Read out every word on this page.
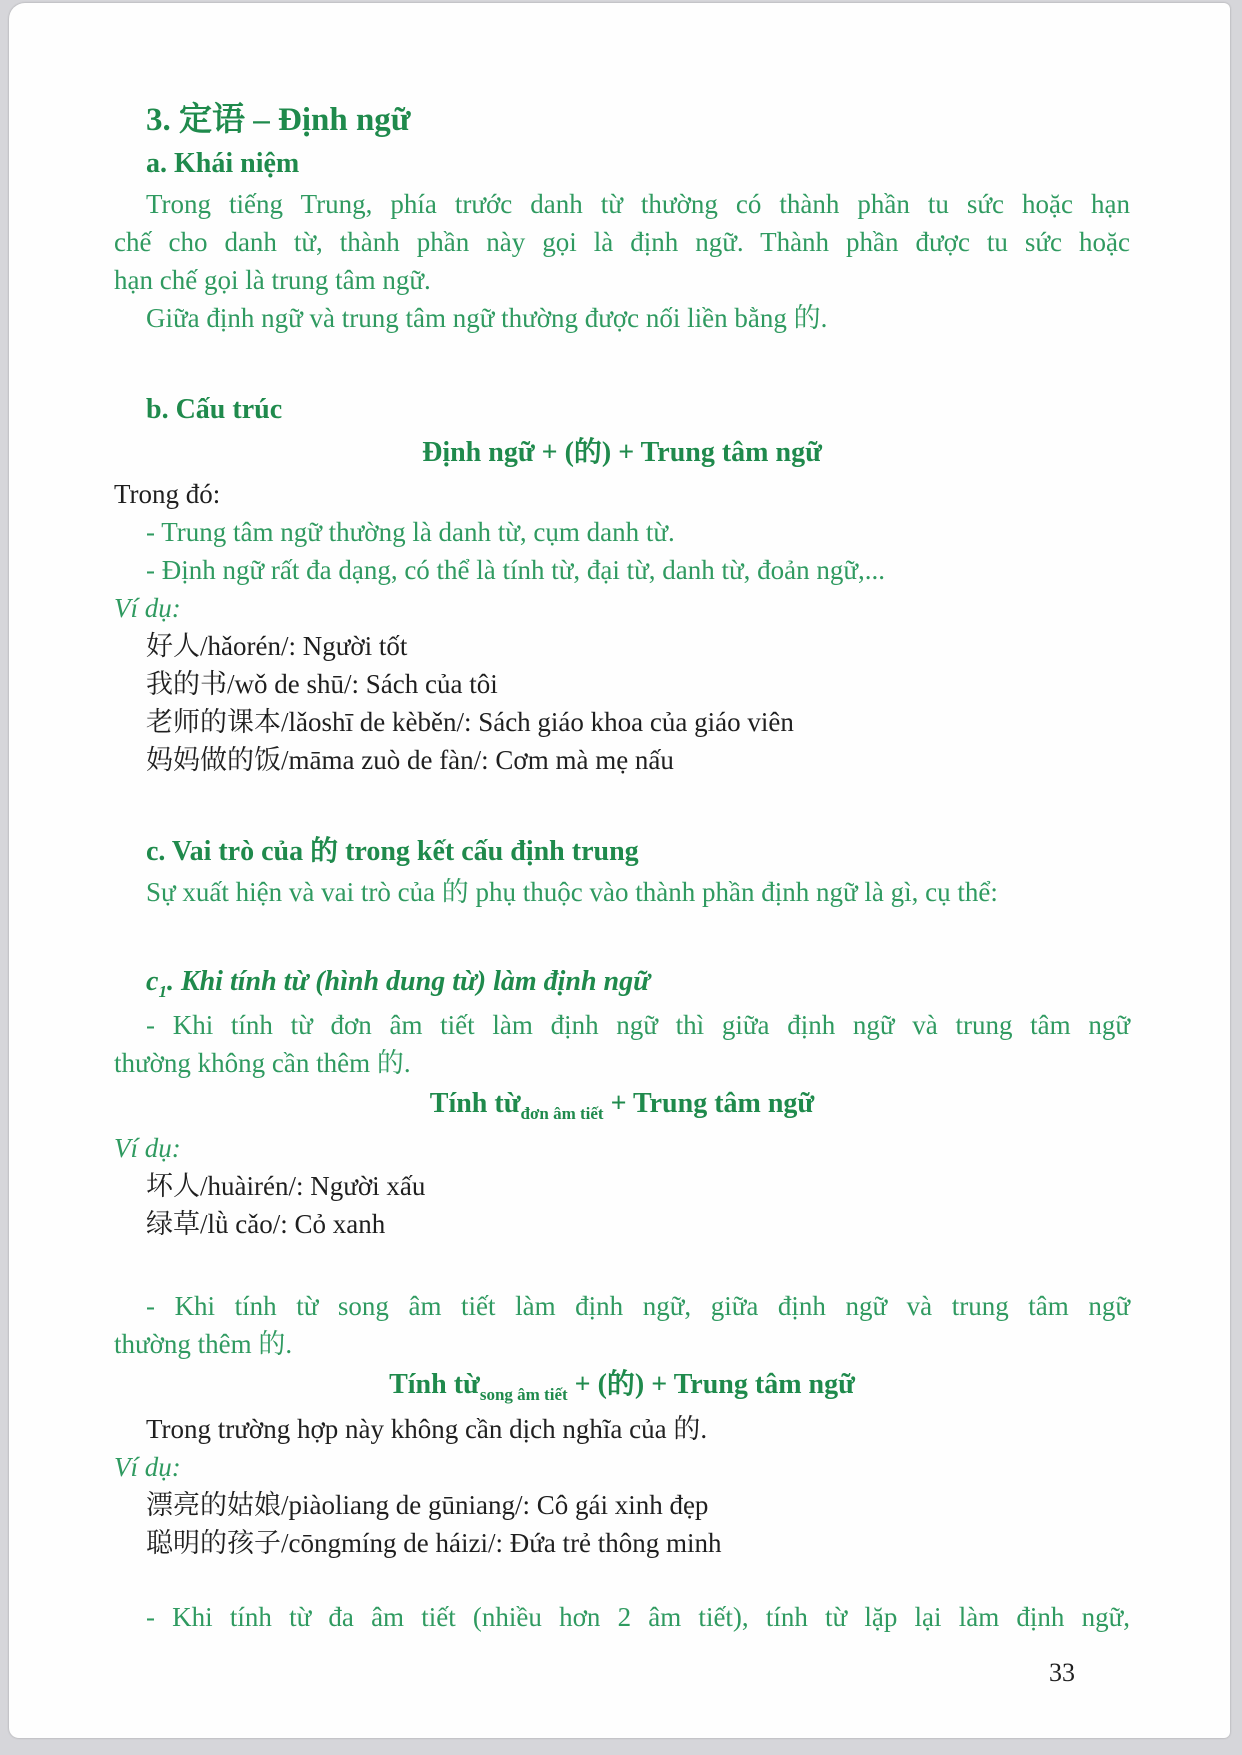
3. 定语 – Định ngữ
a. Khái niệm
Trong tiếng Trung, phía trước danh từ thường có thành phần tu sức hoặc hạn
chế cho danh từ, thành phần này gọi là định ngữ. Thành phần được tu sức hoặc
hạn chế gọi là trung tâm ngữ.
Giữa định ngữ và trung tâm ngữ thường được nối liền bằng 的.
b. Cấu trúc
Định ngữ + (的) + Trung tâm ngữ
Trong đó:
- Trung tâm ngữ thường là danh từ, cụm danh từ.
- Định ngữ rất đa dạng, có thể là tính từ, đại từ, danh từ, đoản ngữ,...
Ví dụ:
好人/hǎorén/: Người tốt
我的书/wǒ de shū/: Sách của tôi
老师的课本/lǎoshī de kèběn/: Sách giáo khoa của giáo viên
妈妈做的饭/māma zuò de fàn/: Cơm mà mẹ nấu
c. Vai trò của 的 trong kết cấu định trung
Sự xuất hiện và vai trò của 的 phụ thuộc vào thành phần định ngữ là gì, cụ thể:
$c_1$. Khi tính từ (hình dung từ) làm định ngữ
- Khi tính từ đơn âm tiết làm định ngữ thì giữa định ngữ và trung tâm ngữ
thường không cần thêm 的.
Tính từ$_{đơn âm tiết}$ + Trung tâm ngữ
Ví dụ:
坏人/huàirén/: Người xấu
绿草/lǜ cǎo/: Cỏ xanh
- Khi tính từ song âm tiết làm định ngữ, giữa định ngữ và trung tâm ngữ
thường thêm 的.
Tính từ$_{song âm tiết}$ + (的) + Trung tâm ngữ
Trong trường hợp này không cần dịch nghĩa của 的.
Ví dụ:
漂亮的姑娘/piàoliang de gūniang/: Cô gái xinh đẹp
聪明的孩子/cōngmíng de háizi/: Đứa trẻ thông minh
- Khi tính từ đa âm tiết (nhiều hơn 2 âm tiết), tính từ lặp lại làm định ngữ,
33
